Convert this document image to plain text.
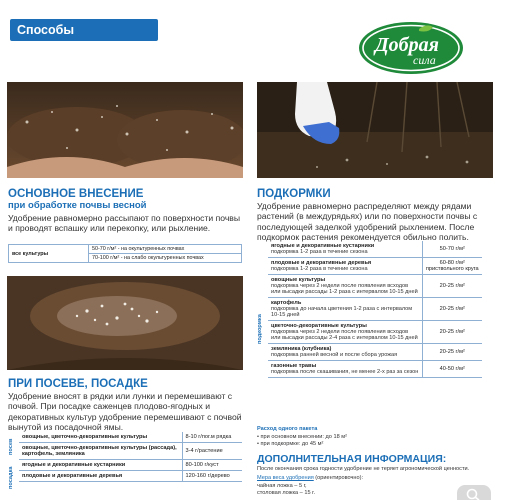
Способы использования	Добрая
сила
ОСНОВНОЕ ВНЕСЕНИЕ
при обработке почвы весной
Удобрение равномерно рассыпают по поверхности почвы и проводят вспашку или перекопку, или рыхление.
все культуры	50-70 г/м² - на окультуренных почвах
70-100 г/м² - на слабо окультуренных почвах
ПРИ ПОСЕВЕ, ПОСАДКЕ
Удобрение вносят в рядки или лунки и перемешивают с почвой. При посадке саженцев плодово-ягодных и декоративных культур удобрение перемешивают с почвой вынутой из посадочной ямы.
посев
посадка
овощные, цветочно-декоративные культуры	8-10 г/пог.м рядка
овощные, цветочно-декоративные культуры (рассада), картофель, земляника	3-4 г/растение
ягодные и декоративные кустарники	80-100 г/куст
плодовые и декоративные деревья	120-160 г/дерево
ПОДКОРМКИ
Удобрение равномерно распределяют между рядами растений (в междурядьях) или по поверхности почвы с последующей заделкой удобрений рыхлением. После подкормок растения рекомендуется обильно полить.
подкормка
ягодные и декоративные кустарники
подкормка 1-2 раза в течение сезона	50-70 г/м²

плодовые и декоративные деревья
подкормка 1-2 раза в течение сезона	60-80 г/м² приствольного круга

овощные культуры
подкормка через 2 недели после появления всходов или высадки рассады 1-2 раза с интервалом 10-15 дней	20-25 г/м²

картофель
подкормка до начала цветения 1-2 раза с интервалом 10-15 дней	20-25 г/м²

цветочно-декоративные культуры
подкормка через 2 недели после появления всходов или высадки рассады 2-4 раза с интервалом 10-15 дней	20-25 г/м²

земляника (клубника)
подкормка ранней весной и после сбора урожая	20-25 г/м²

газонные травы
подкормка после скашивания, не менее 2-х раз за сезон	40-50 г/м²
Расход одного пакета
• при основном внесении: до 18 м²
• при подкормке: до 45 м²
ДОПОЛНИТЕЛЬНАЯ ИНФОРМАЦИЯ:
После окончания срока годности удобрение не теряет агрономической ценности.
Мера веса удобрения (ориентировочно):
чайная ложка – 5 г,
столовая ложка – 15 г.
